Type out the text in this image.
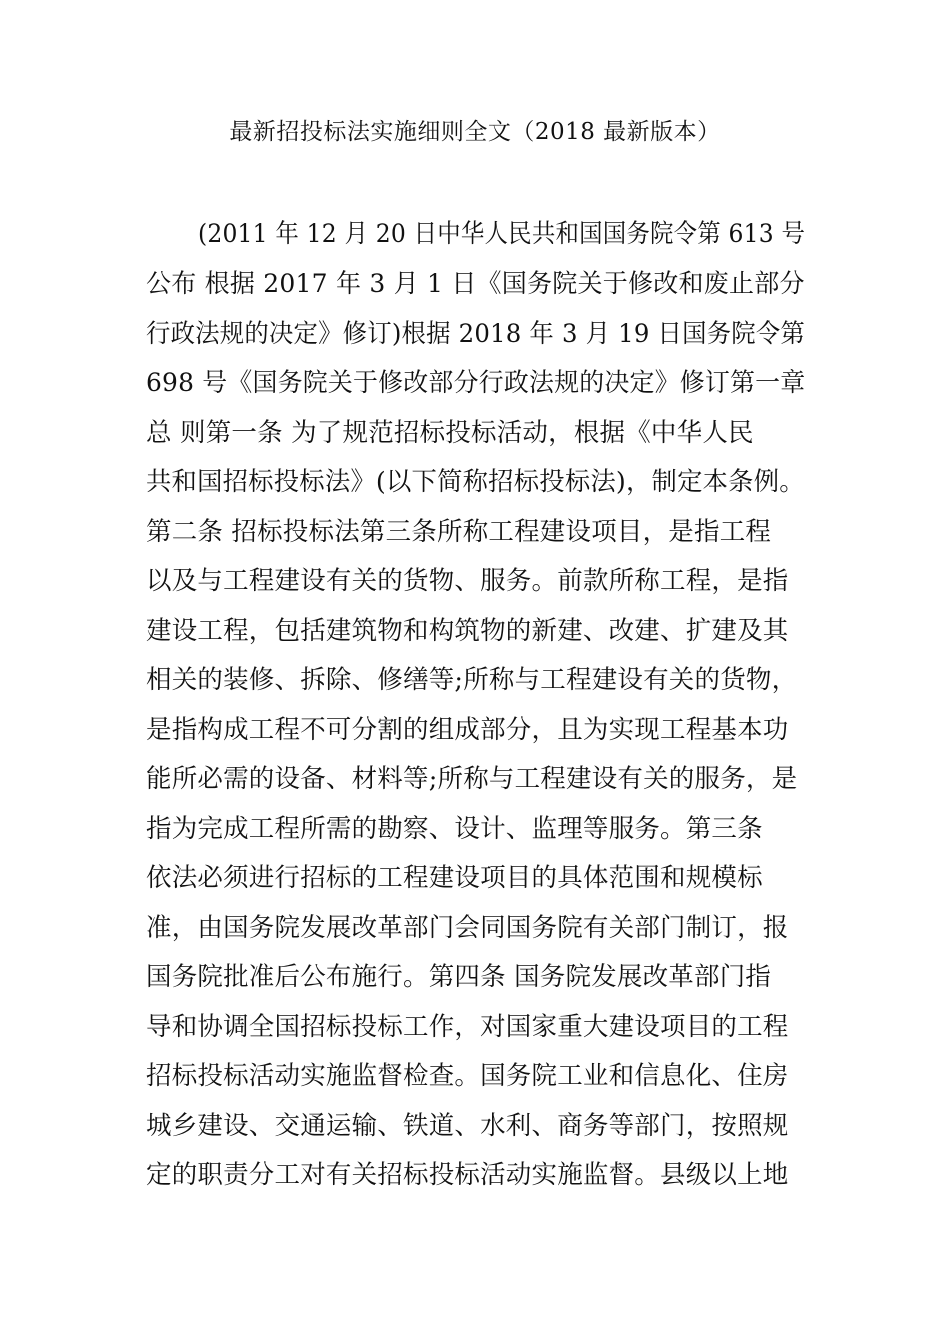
最新招投标法实施细则全文（2018 最新版本）
(2011 年 12 月 20 日中华人民共和国国务院令第 613 号
公布 根据 2017 年 3 月 1 日《国务院关于修改和废止部分
行政法规的决定》修订)根据 2018 年 3 月 19 日国务院令第
698 号《国务院关于修改部分行政法规的决定》修订第一章
总 则第一条 为了规范招标投标活动，根据《中华人民
共和国招标投标法》(以下简称招标投标法)，制定本条例。
第二条 招标投标法第三条所称工程建设项目，是指工程
以及与工程建设有关的货物、服务。前款所称工程，是指
建设工程，包括建筑物和构筑物的新建、改建、扩建及其
相关的装修、拆除、修缮等;所称与工程建设有关的货物，
是指构成工程不可分割的组成部分，且为实现工程基本功
能所必需的设备、材料等;所称与工程建设有关的服务，是
指为完成工程所需的勘察、设计、监理等服务。第三条
依法必须进行招标的工程建设项目的具体范围和规模标
准，由国务院发展改革部门会同国务院有关部门制订，报
国务院批准后公布施行。第四条 国务院发展改革部门指
导和协调全国招标投标工作，对国家重大建设项目的工程
招标投标活动实施监督检查。国务院工业和信息化、住房
城乡建设、交通运输、铁道、水利、商务等部门，按照规
定的职责分工对有关招标投标活动实施监督。县级以上地
